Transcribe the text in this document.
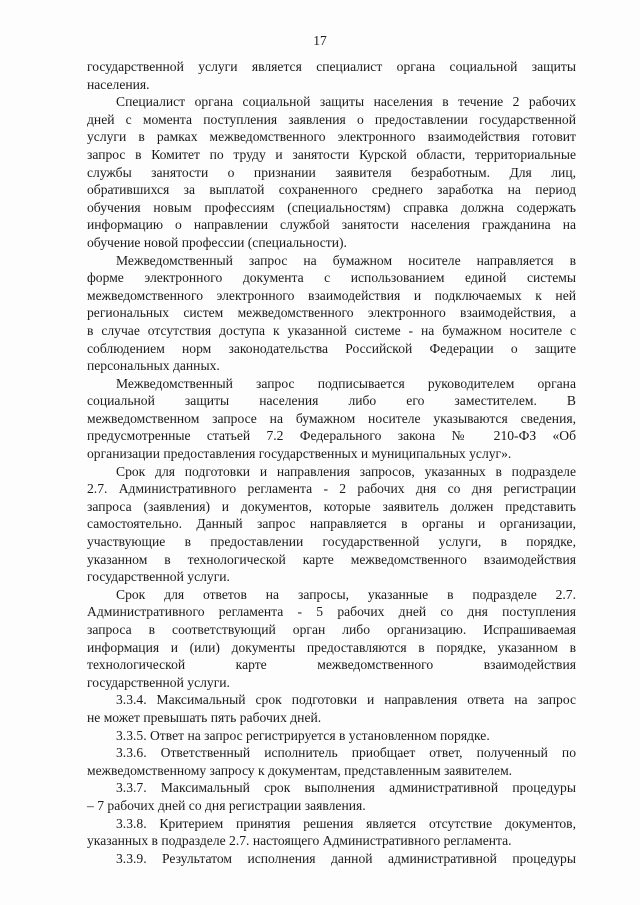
17
государственной услуги является специалист органа социальной защиты
населения.
Специалист органа социальной защиты населения в течение 2 рабочих
дней с момента поступления заявления о предоставлении государственной
услуги в рамках межведомственного электронного взаимодействия готовит
запрос в Комитет по труду и занятости Курской области, территориальные
службы занятости о признании заявителя безработным. Для лиц,
обратившихся за выплатой сохраненного среднего заработка на период
обучения новым профессиям (специальностям) справка должна содержать
информацию о направлении службой занятости населения гражданина на
обучение новой профессии (специальности).
Межведомственный запрос на бумажном носителе направляется в
форме электронного документа с использованием единой системы
межведомственного электронного взаимодействия и подключаемых к ней
региональных систем межведомственного электронного взаимодействия, а
в случае отсутствия доступа к указанной системе - на бумажном носителе с
соблюдением норм законодательства Российской Федерации о защите
персональных данных.
Межведомственный запрос подписывается руководителем органа
социальной защиты населения либо его заместителем. В
межведомственном запросе на бумажном носителе указываются сведения,
предусмотренные статьей 7.2 Федерального закона № 210-ФЗ «Об
организации предоставления государственных и муниципальных услуг».
Срок для подготовки и направления запросов, указанных в подразделе
2.7. Административного регламента - 2 рабочих дня со дня регистрации
запроса (заявления) и документов, которые заявитель должен представить
самостоятельно. Данный запрос направляется в органы и организации,
участвующие в предоставлении государственной услуги, в порядке,
указанном в технологической карте межведомственного взаимодействия
государственной услуги.
Срок для ответов на запросы, указанные в подразделе 2.7.
Административного регламента - 5 рабочих дней со дня поступления
запроса в соответствующий орган либо организацию. Испрашиваемая
информация и (или) документы предоставляются в порядке, указанном в
технологической карте межведомственного взаимодействия
государственной услуги.
3.3.4. Максимальный срок подготовки и направления ответа на запрос
не может превышать пять рабочих дней.
3.3.5. Ответ на запрос регистрируется в установленном порядке.
3.3.6. Ответственный исполнитель приобщает ответ, полученный по
межведомственному запросу к документам, представленным заявителем.
3.3.7. Максимальный срок выполнения административной процедуры
– 7 рабочих дней со дня регистрации заявления.
3.3.8. Критерием принятия решения является отсутствие документов,
указанных в подразделе 2.7. настоящего Административного регламента.
3.3.9. Результатом исполнения данной административной процедуры
